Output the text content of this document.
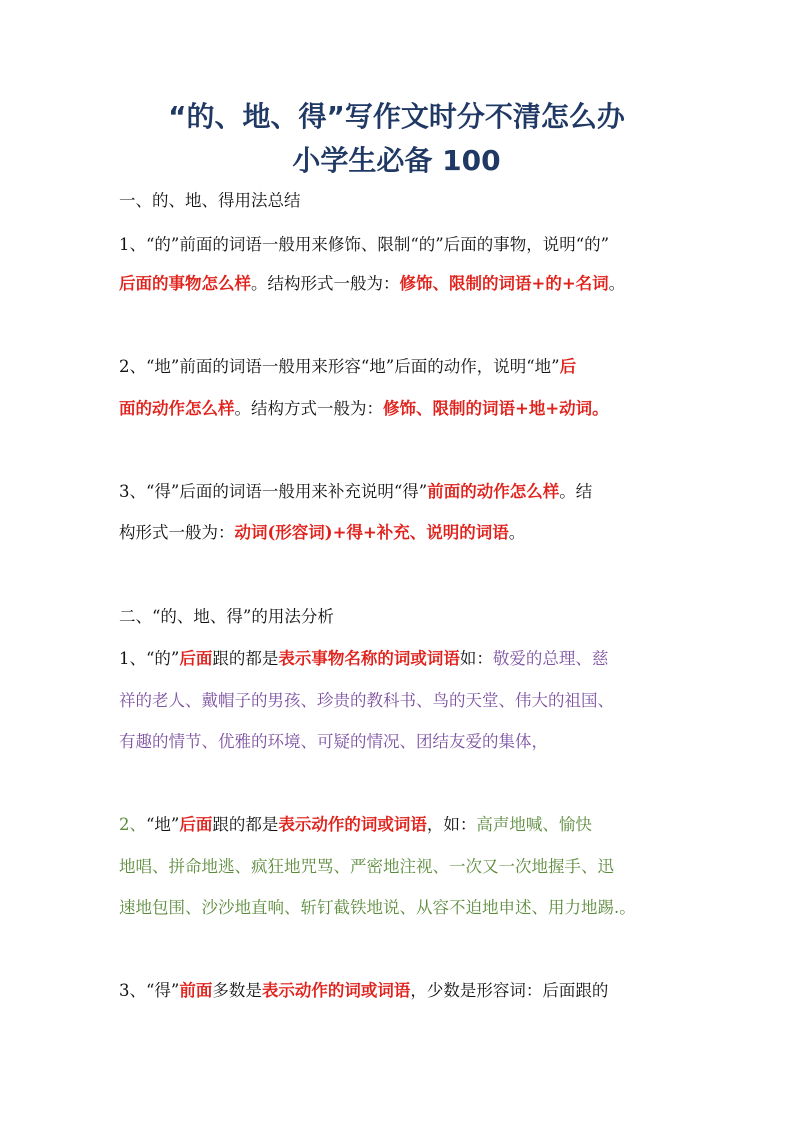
“的、地、得”写作文时分不清怎么办
小学生必备 100
一、的、地、得用法总结
1、“的”前面的词语一般用来修饰、限制“的”后面的事物，说明“的”
后面的事物怎么样。结构形式一般为：修饰、限制的词语+的+名词。
2、“地”前面的词语一般用来形容“地”后面的动作，说明“地”后
面的动作怎么样。结构方式一般为：修饰、限制的词语+地+动词。
3、“得”后面的词语一般用来补充说明“得”前面的动作怎么样。结
构形式一般为：动词(形容词)+得+补充、说明的词语。
二、“的、地、得”的用法分析
1、“的”后面跟的都是表示事物名称的词或词语如：敬爱的总理、慈
祥的老人、戴帽子的男孩、珍贵的教科书、鸟的天堂、伟大的祖国、
有趣的情节、优雅的环境、可疑的情况、团结友爱的集体，
2、“地”后面跟的都是表示动作的词或词语，如：高声地喊、愉快
地唱、拼命地逃、疯狂地咒骂、严密地注视、一次又一次地握手、迅
速地包围、沙沙地直响、斩钉截铁地说、从容不迫地申述、用力地踢.。
3、“得”前面多数是表示动作的词或词语，少数是形容词：后面跟的
